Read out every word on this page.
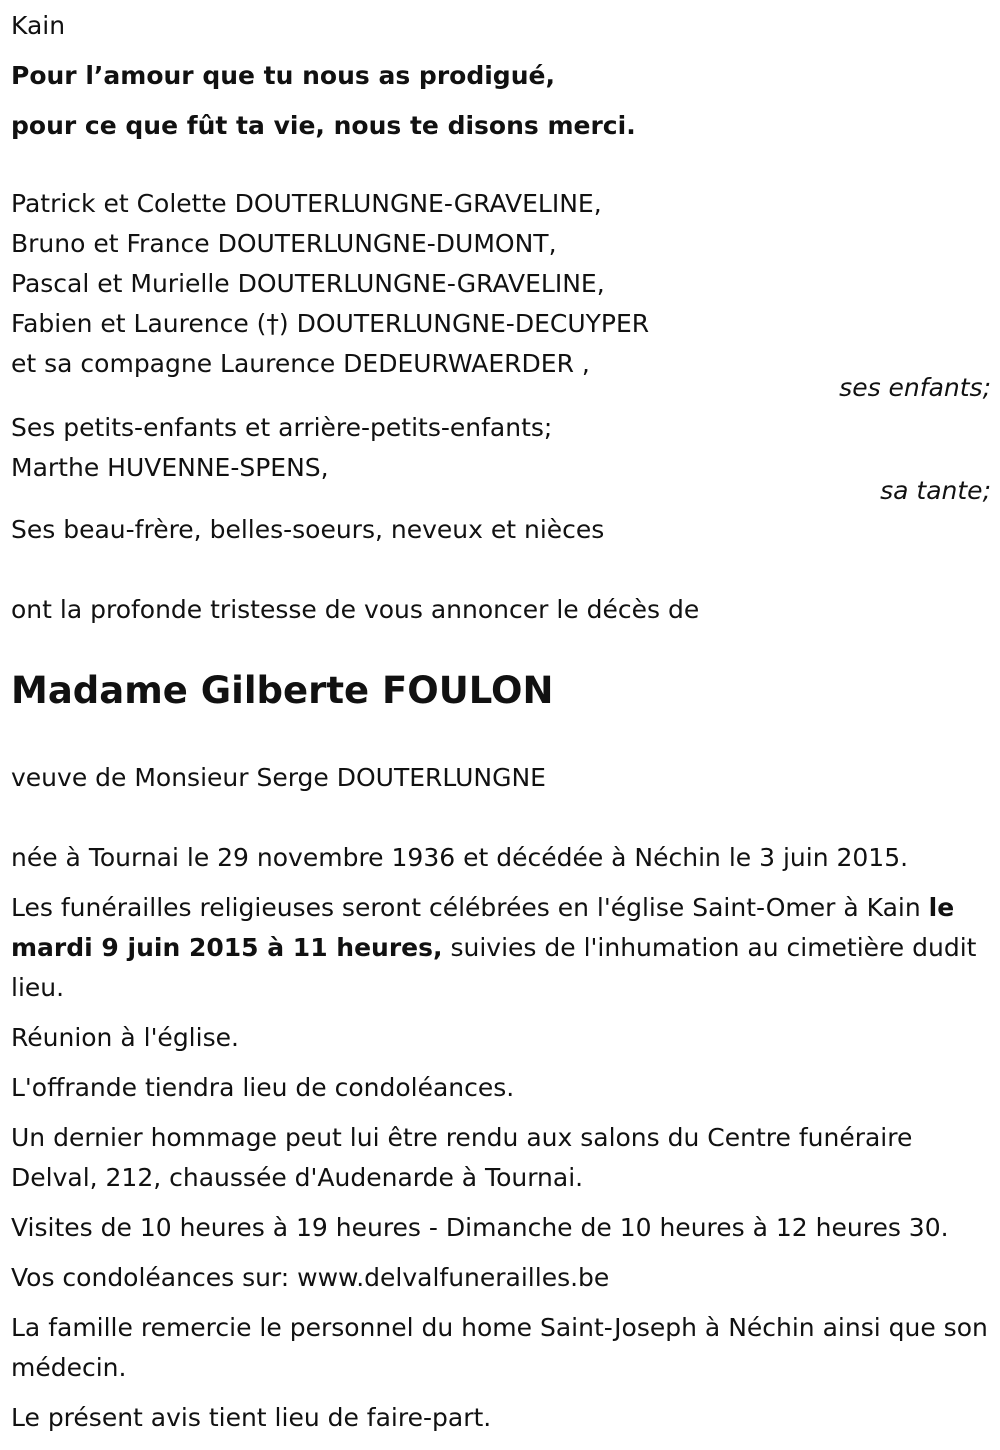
Kain
Pour l’amour que tu nous as prodigué,
pour ce que fût ta vie, nous te disons merci.
Patrick et Colette DOUTERLUNGNE-GRAVELINE,
Bruno et France DOUTERLUNGNE-DUMONT,
Pascal et Murielle DOUTERLUNGNE-GRAVELINE,
Fabien et Laurence (†) DOUTERLUNGNE-DECUYPER
et sa compagne Laurence DEDEURWAERDER ,
ses enfants;
Ses petits-enfants et arrière-petits-enfants;
Marthe HUVENNE-SPENS,
sa tante;
Ses beau-frère, belles-soeurs, neveux et nièces
ont la profonde tristesse de vous annoncer le décès de
Madame Gilberte FOULON
veuve de Monsieur Serge DOUTERLUNGNE
née à Tournai le 29 novembre 1936 et décédée à Néchin le 3 juin 2015.
Les funérailles religieuses seront célébrées en l'église Saint-Omer à Kain le mardi 9 juin 2015 à 11 heures, suivies de l'inhumation au cimetière dudit lieu.
Réunion à l'église.
L'offrande tiendra lieu de condoléances.
Un dernier hommage peut lui être rendu aux salons du Centre funéraire Delval, 212, chaussée d'Audenarde à Tournai.
Visites de 10 heures à 19 heures - Dimanche de 10 heures à 12 heures 30.
Vos condoléances sur: www.delvalfunerailles.be
La famille remercie le personnel du home Saint-Joseph à Néchin ainsi que son médecin.
Le présent avis tient lieu de faire-part.
